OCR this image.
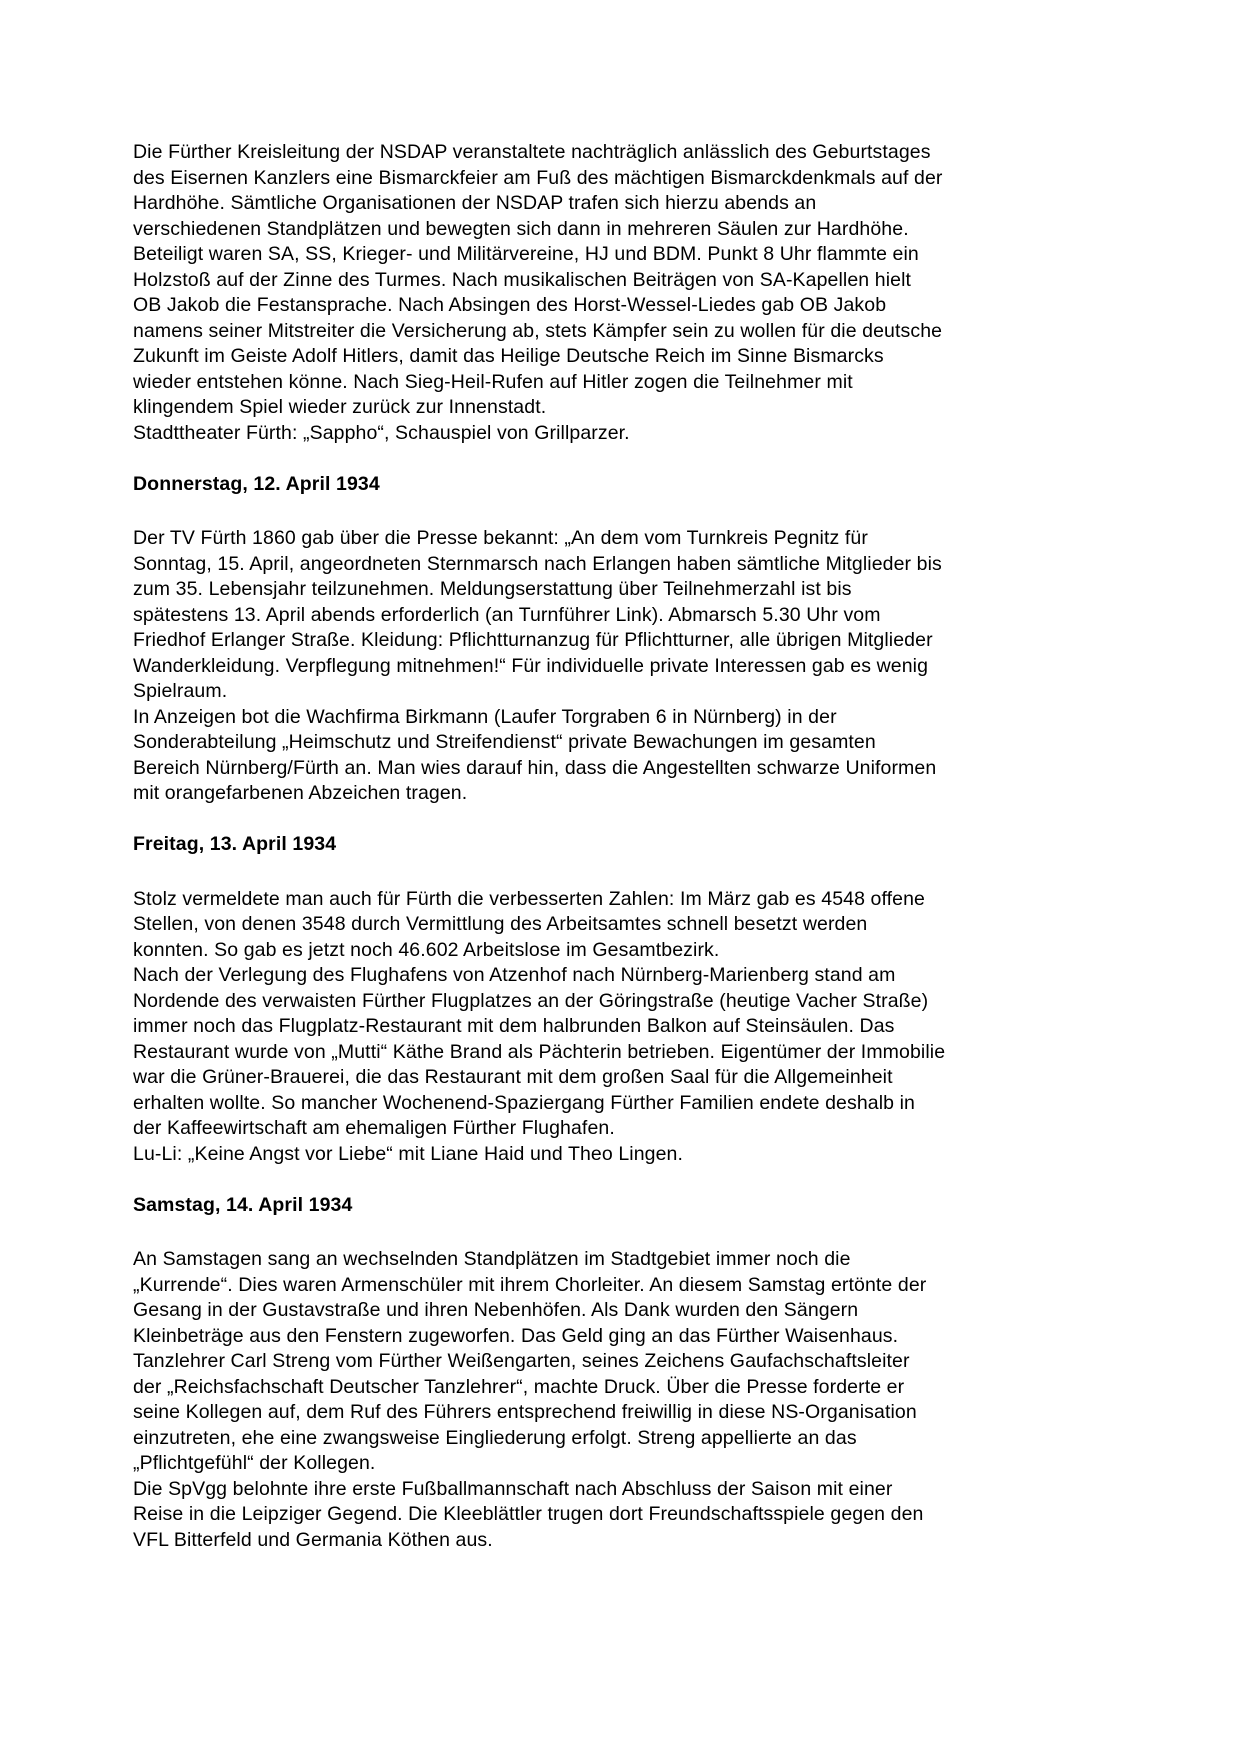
Die Fürther Kreisleitung der NSDAP veranstaltete nachträglich anlässlich des Geburtstages
des Eisernen Kanzlers eine Bismarckfeier am Fuß des mächtigen Bismarckdenkmals auf der
Hardhöhe. Sämtliche Organisationen der NSDAP trafen sich hierzu abends an
verschiedenen Standplätzen und bewegten sich dann in mehreren Säulen zur Hardhöhe.
Beteiligt waren SA, SS, Krieger- und Militärvereine, HJ und BDM. Punkt 8 Uhr flammte ein
Holzstoß auf der Zinne des Turmes. Nach musikalischen Beiträgen von SA-Kapellen hielt
OB Jakob die Festansprache. Nach Absingen des Horst-Wessel-Liedes gab OB Jakob
namens seiner Mitstreiter die Versicherung ab, stets Kämpfer sein zu wollen für die deutsche
Zukunft im Geiste Adolf Hitlers, damit das Heilige Deutsche Reich im Sinne Bismarcks
wieder entstehen könne. Nach Sieg-Heil-Rufen auf Hitler zogen die Teilnehmer mit
klingendem Spiel wieder zurück zur Innenstadt.
Stadttheater Fürth: „Sappho“, Schauspiel von Grillparzer.
Donnerstag, 12. April 1934
Der TV Fürth 1860 gab über die Presse bekannt: „An dem vom Turnkreis Pegnitz für
Sonntag, 15. April, angeordneten Sternmarsch nach Erlangen haben sämtliche Mitglieder bis
zum 35. Lebensjahr teilzunehmen. Meldungserstattung über Teilnehmerzahl ist bis
spätestens 13. April abends erforderlich (an Turnführer Link). Abmarsch 5.30 Uhr vom
Friedhof Erlanger Straße. Kleidung: Pflichtturnanzug für Pflichtturner, alle übrigen Mitglieder
Wanderkleidung. Verpflegung mitnehmen!“ Für individuelle private Interessen gab es wenig
Spielraum.
In Anzeigen bot die Wachfirma Birkmann (Laufer Torgraben 6 in Nürnberg) in der
Sonderabteilung „Heimschutz und Streifendienst“ private Bewachungen im gesamten
Bereich Nürnberg/Fürth an. Man wies darauf hin, dass die Angestellten schwarze Uniformen
mit orangefarbenen Abzeichen tragen.
Freitag, 13. April 1934
Stolz vermeldete man auch für Fürth die verbesserten Zahlen: Im März gab es 4548 offene
Stellen, von denen 3548 durch Vermittlung des Arbeitsamtes schnell besetzt werden
konnten. So gab es jetzt noch 46.602 Arbeitslose im Gesamtbezirk.
Nach der Verlegung des Flughafens von Atzenhof nach Nürnberg-Marienberg stand am
Nordende des verwaisten Fürther Flugplatzes an der Göringstraße (heutige Vacher Straße)
immer noch das Flugplatz-Restaurant mit dem halbrunden Balkon auf Steinsäulen. Das
Restaurant wurde von „Mutti“ Käthe Brand als Pächterin betrieben. Eigentümer der Immobilie
war die Grüner-Brauerei, die das Restaurant mit dem großen Saal für die Allgemeinheit
erhalten wollte. So mancher Wochenend-Spaziergang Fürther Familien endete deshalb in
der Kaffeewirtschaft am ehemaligen Fürther Flughafen.
Lu-Li: „Keine Angst vor Liebe“ mit Liane Haid und Theo Lingen.
Samstag, 14. April 1934
An Samstagen sang an wechselnden Standplätzen im Stadtgebiet immer noch die
„Kurrende“. Dies waren Armenschüler mit ihrem Chorleiter. An diesem Samstag ertönte der
Gesang in der Gustavstraße und ihren Nebenhöfen. Als Dank wurden den Sängern
Kleinbeträge aus den Fenstern zugeworfen. Das Geld ging an das Fürther Waisenhaus.
Tanzlehrer Carl Streng vom Fürther Weißengarten, seines Zeichens Gaufachschaftsleiter
der „Reichsfachschaft Deutscher Tanzlehrer“, machte Druck. Über die Presse forderte er
seine Kollegen auf, dem Ruf des Führers entsprechend freiwillig in diese NS-Organisation
einzutreten, ehe eine zwangsweise Eingliederung erfolgt. Streng appellierte an das
„Pflichtgefühl“ der Kollegen.
Die SpVgg belohnte ihre erste Fußballmannschaft nach Abschluss der Saison mit einer
Reise in die Leipziger Gegend. Die Kleeblättler trugen dort Freundschaftsspiele gegen den
VFL Bitterfeld und Germania Köthen aus.
